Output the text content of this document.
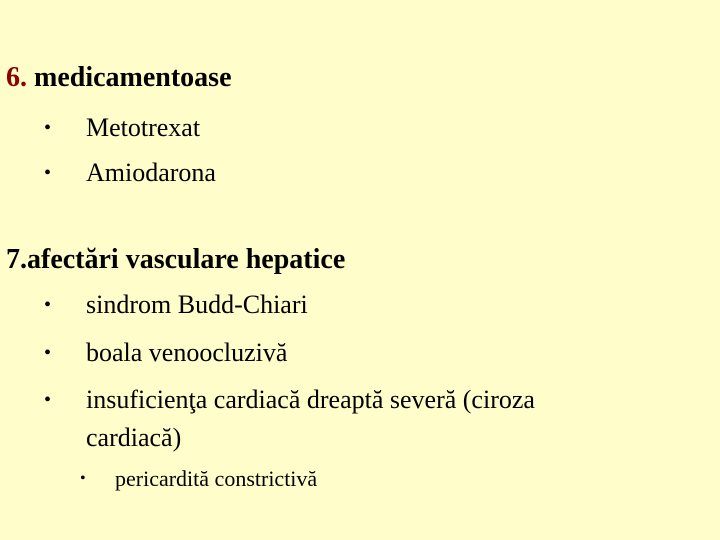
6. medicamentoase
• Metotrexat
• Amiodarona
7.afectări vasculare hepatice
• sindrom Budd-Chiari
• boala venoocluzivă
• insuficienţa cardiacă dreaptă severă (ciroza
cardiacă)
• pericardită constrictivă
